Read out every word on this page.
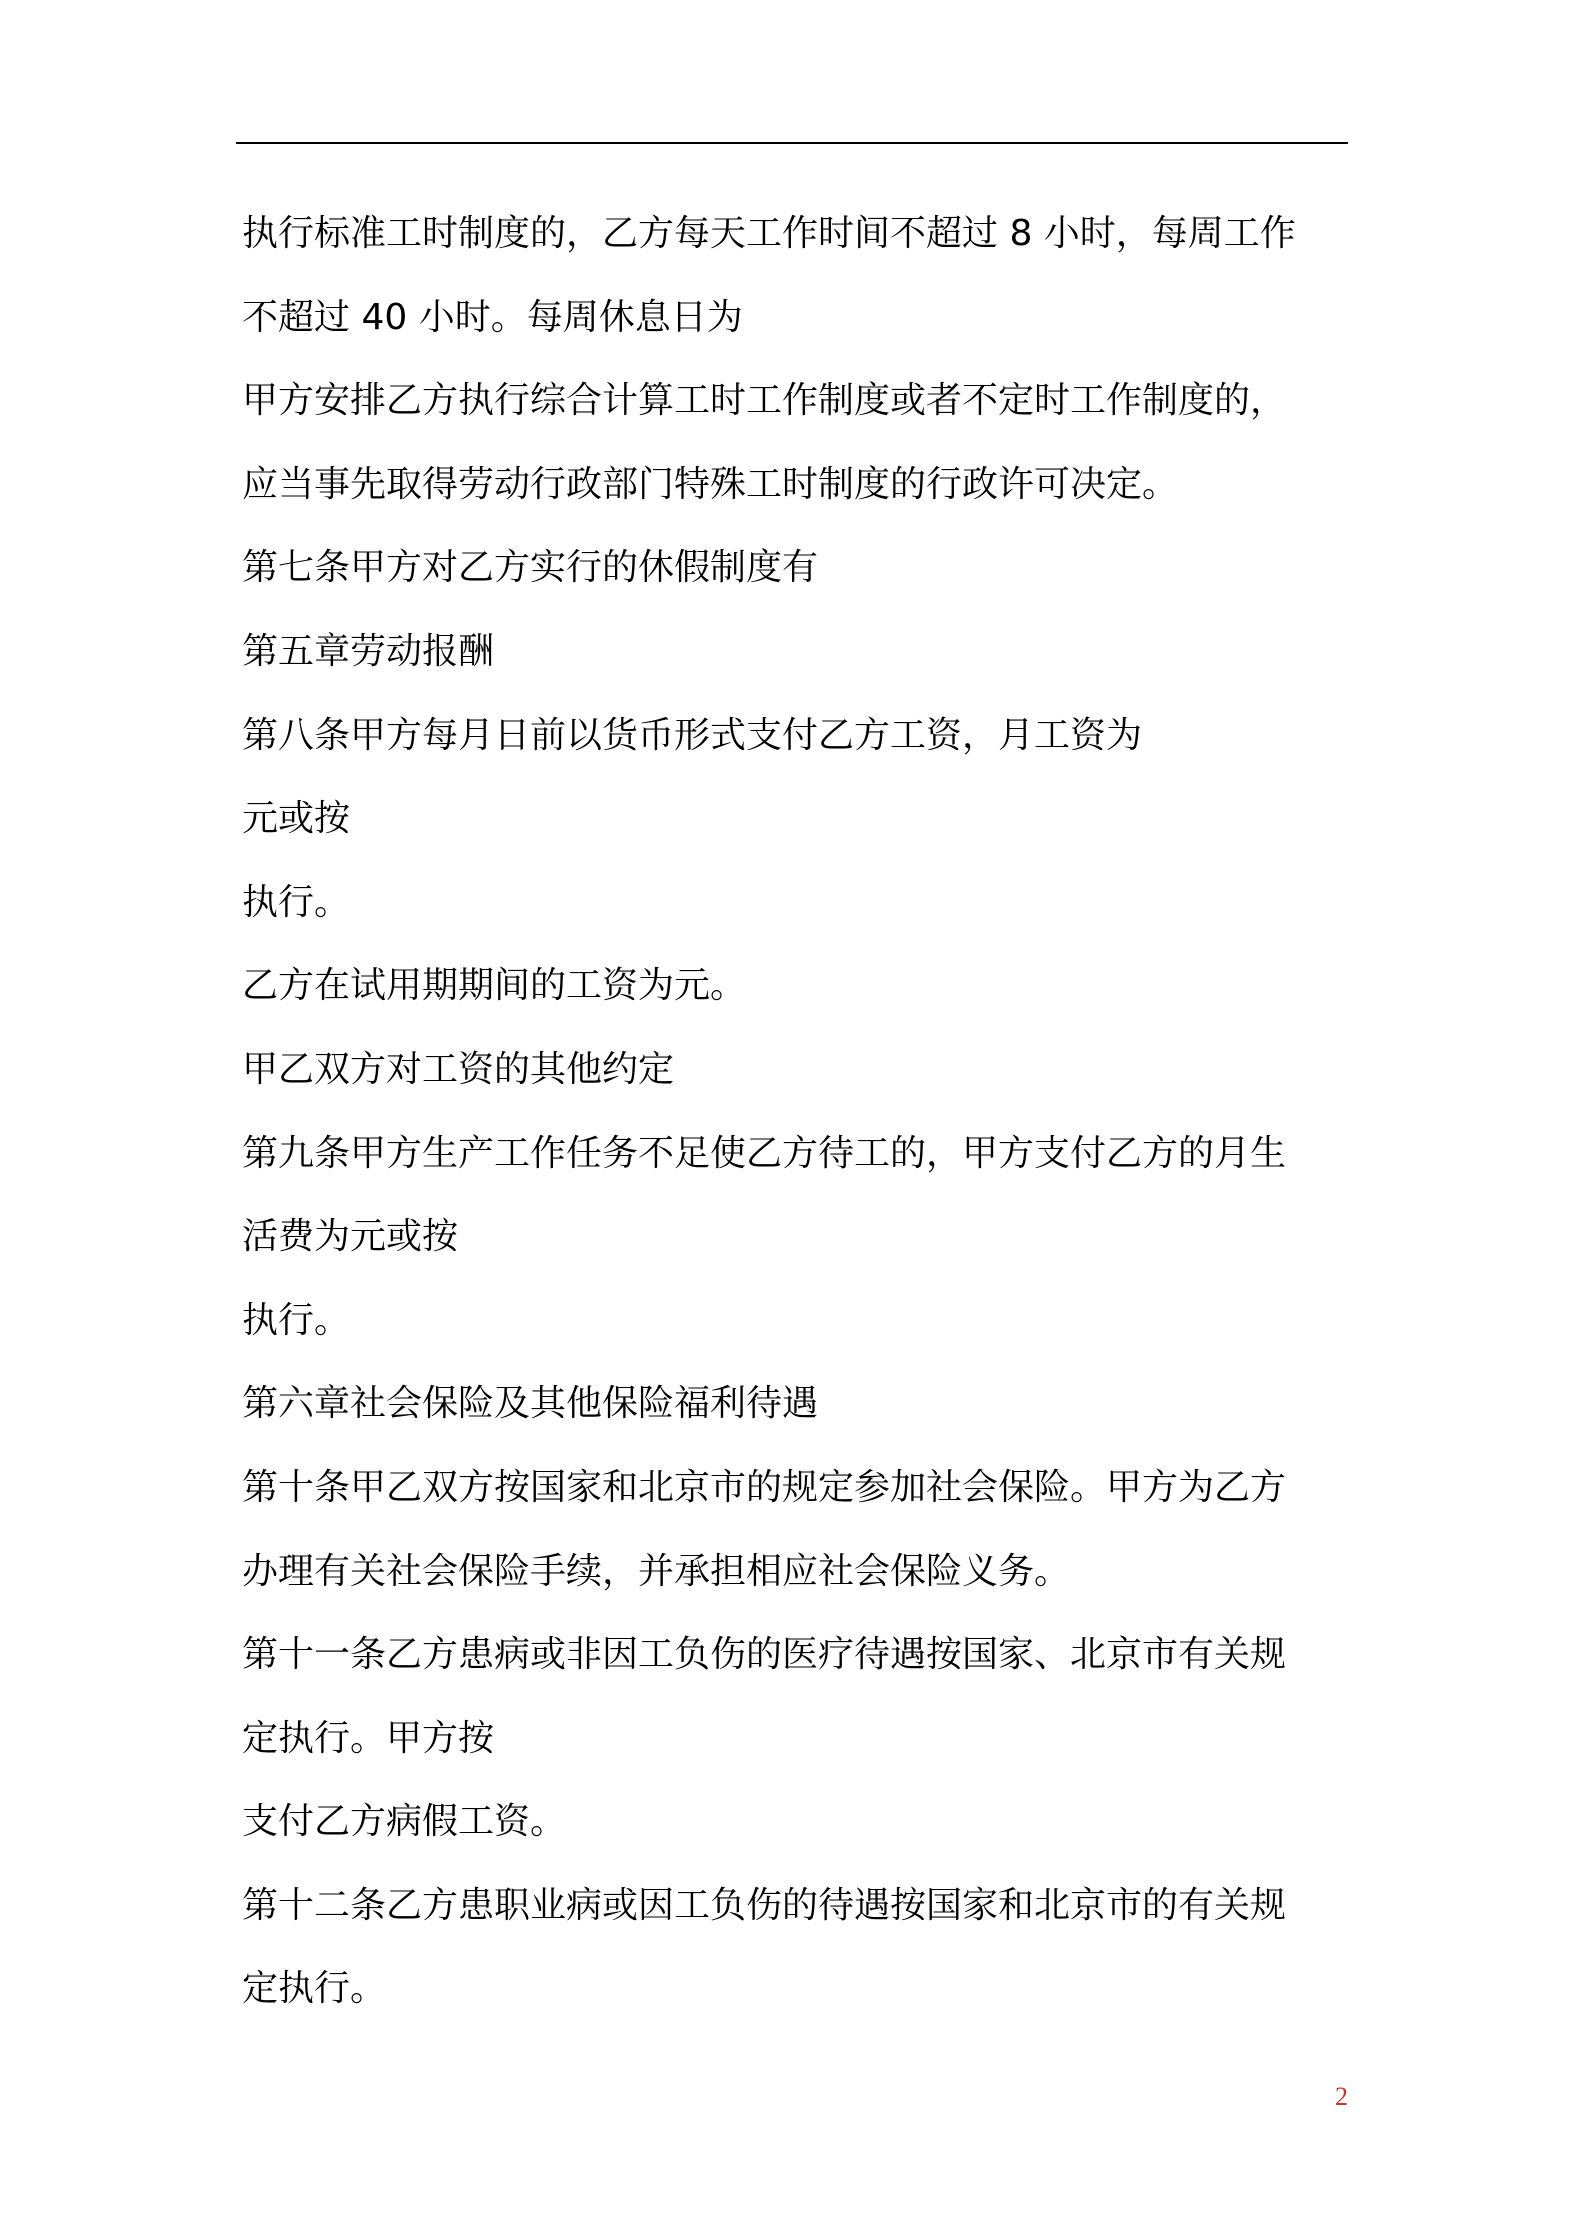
执行标准工时制度的，乙方每天工作时间不超过 8 小时，每周工作
不超过 40 小时。每周休息日为
甲方安排乙方执行综合计算工时工作制度或者不定时工作制度的，
应当事先取得劳动行政部门特殊工时制度的行政许可决定。
第七条甲方对乙方实行的休假制度有
第五章劳动报酬
第八条甲方每月日前以货币形式支付乙方工资，月工资为
元或按
执行。
乙方在试用期期间的工资为元。
甲乙双方对工资的其他约定
第九条甲方生产工作任务不足使乙方待工的，甲方支付乙方的月生
活费为元或按
执行。
第六章社会保险及其他保险福利待遇
第十条甲乙双方按国家和北京市的规定参加社会保险。甲方为乙方
办理有关社会保险手续，并承担相应社会保险义务。
第十一条乙方患病或非因工负伤的医疗待遇按国家、北京市有关规
定执行。甲方按
支付乙方病假工资。
第十二条乙方患职业病或因工负伤的待遇按国家和北京市的有关规
定执行。
2
